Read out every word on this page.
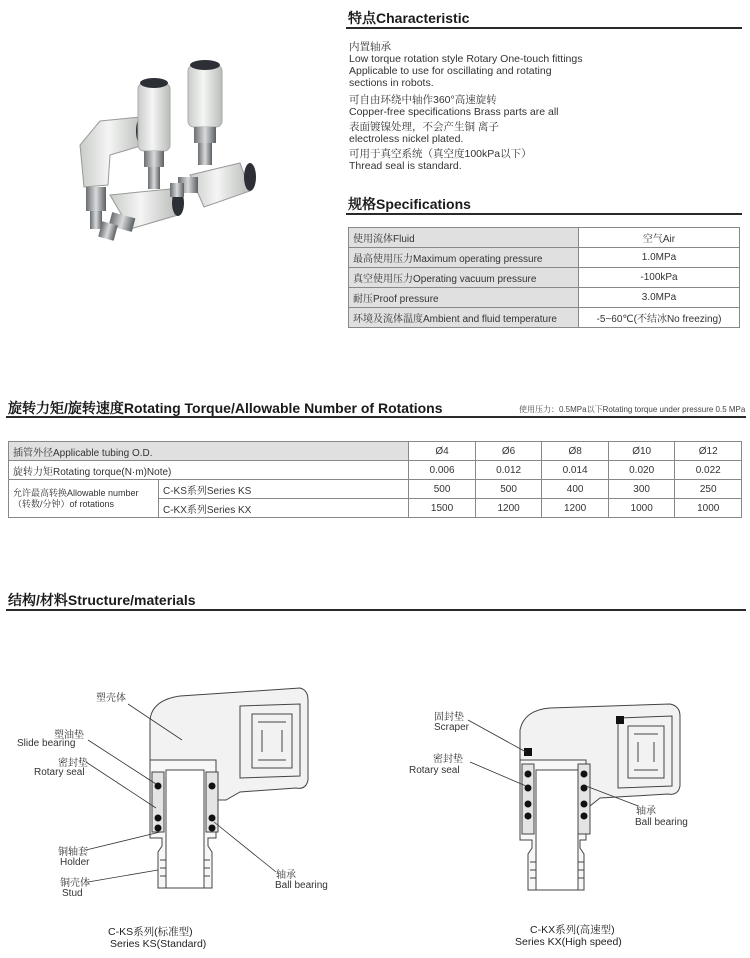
特点Characteristic
内置轴承
Low torque rotation style Rotary One-touch fittings
Applicable to use for oscillating and rotating
sections in robots.
可自由环绕中轴作360°高速旋转
Copper-free specifications Brass parts are all
表面镀镍处理，不会产生铜 离子
electroless nickel plated.
可用于真空系统（真空度100kPa以下）
Thread seal is standard.
规格Specifications
使用流体Fluid	空气Air
最高使用压力Maximum operating pressure	1.0MPa
真空使用压力Operating vacuum pressure	-100kPa
耐压Proof pressure	3.0MPa
环境及流体温度Ambient and fluid temperature	-5~60℃(不结冰No freezing)
旋转力矩/旋转速度Rotating Torque/Allowable Number of Rotations	使用压力：0.5MPa以下Rotating torque under pressure 0.5 MPa
插管外径Applicable tubing O.D.		Ø4	Ø6	Ø8	Ø10	Ø12
旋转力矩Rotating torque(N·m)Note)		0.006	0.012	0.014	0.020	0.022

允许最高转换Allowable number
（转数/分钟）of rotations	C-KS系列Series KS	500	500	400	300	250
	C-KX系列Series KX	1500	1200	1200	1000	1000
结构/材料Structure/materials
塑壳体
塑油垫
Slide bearing
密封垫
Rotary seal
铜轴套
Holder
铜壳体
Stud
轴承
Ball bearing
C-KS系列(标准型)
Series KS(Standard)
固封垫
Scraper
密封垫
Rotary seal
轴承
Ball bearing
C-KX系列(高速型)
Series KX(High speed)
